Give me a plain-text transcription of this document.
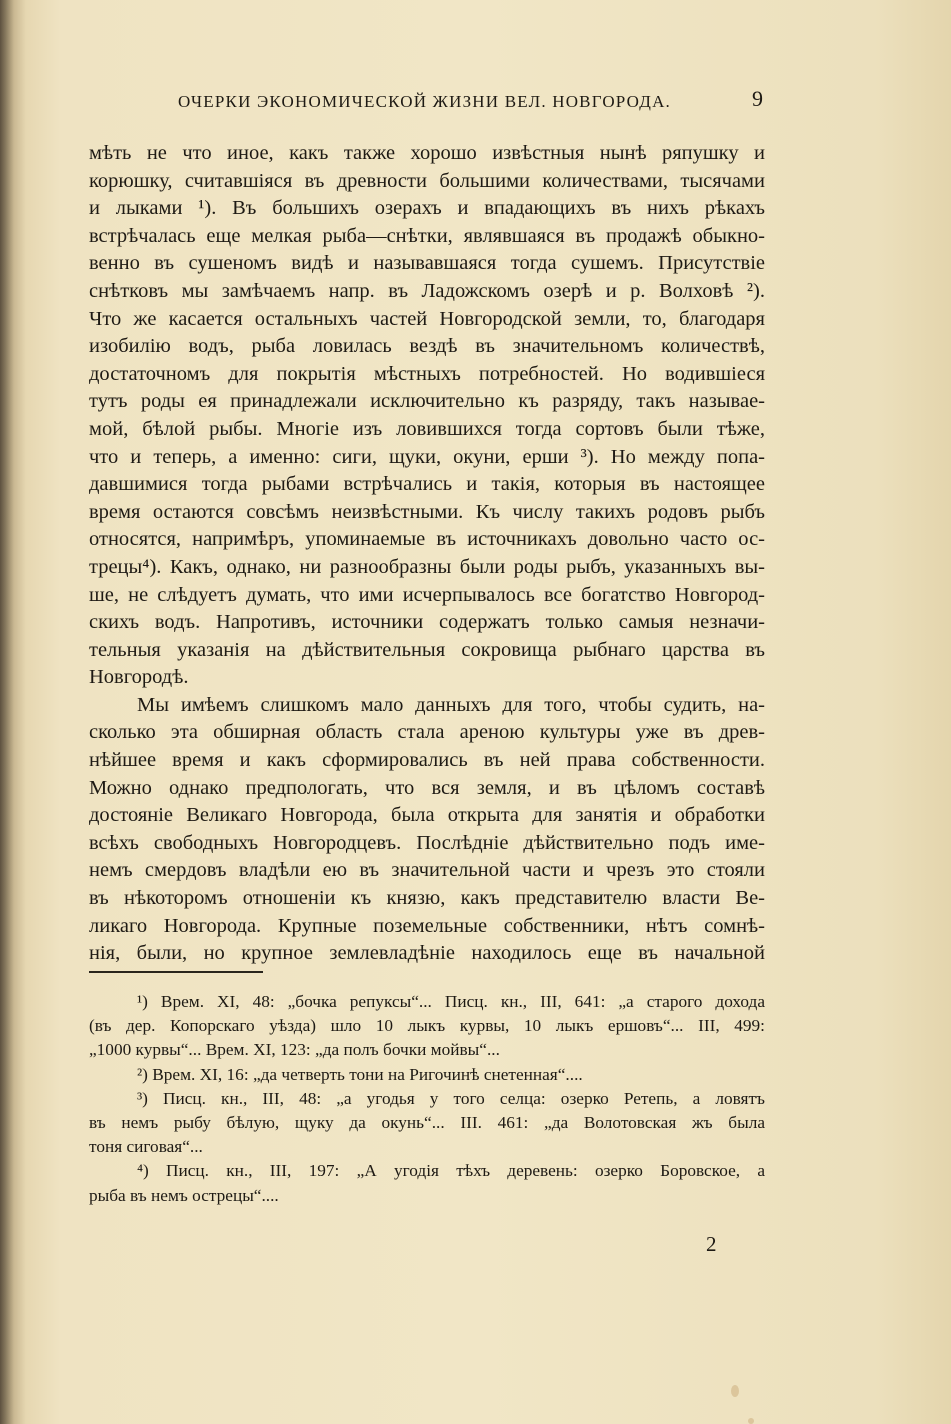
ОЧЕРКИ ЭКОНОМИЧЕСКОЙ ЖИЗНИ ВЕЛ. НОВГОРОДА.	9
мѣть не что иное, какъ также хорошо извѣстныя нынѣ ряпушку и
корюшку, считавшіяся въ древности большими количествами, тысячами
и лыками ¹). Въ большихъ озерахъ и впадающихъ въ нихъ рѣкахъ
встрѣчалась еще мелкая рыба—снѣтки, являвшаяся въ продажѣ обыкно-
венно въ сушеномъ видѣ и называвшаяся тогда сушемъ. Присутствіе
снѣтковъ мы замѣчаемъ напр. въ Ладожскомъ озерѣ и р. Волховѣ ²).
Что же касается остальныхъ частей Новгородской земли, то, благодаря
изобилію водъ, рыба ловилась вездѣ въ значительномъ количествѣ,
достаточномъ для покрытія мѣстныхъ потребностей. Но водившіеся
тутъ роды ея принадлежали исключительно къ разряду, такъ называе-
мой, бѣлой рыбы. Многіе изъ ловившихся тогда сортовъ были тѣже,
что и теперь, а именно: сиги, щуки, окуни, ерши ³). Но между попа-
давшимися тогда рыбами встрѣчались и такія, которыя въ настоящее
время остаются совсѣмъ неизвѣстными. Къ числу такихъ родовъ рыбъ
относятся, напримѣръ, упоминаемые въ источникахъ довольно часто ос-
трецы⁴). Какъ, однако, ни разнообразны были роды рыбъ, указанныхъ вы-
ше, не слѣдуетъ думать, что ими исчерпывалось все богатство Новгород-
скихъ водъ. Напротивъ, источники содержатъ только самыя незначи-
тельныя указанія на дѣйствительныя сокровища рыбнаго царства въ
Новгородѣ.
Мы имѣемъ слишкомъ мало данныхъ для того, чтобы судить, на-
сколько эта обширная область стала ареною культуры уже въ древ-
нѣйшее время и какъ сформировались въ ней права собственности.
Можно однако предпологать, что вся земля, и въ цѣломъ составѣ
достояніе Великаго Новгорода, была открыта для занятія и обработки
всѣхъ свободныхъ Новгородцевъ. Послѣдніе дѣйствительно подъ име-
немъ смердовъ владѣли ею въ значительной части и чрезъ это стояли
въ нѣкоторомъ отношеніи къ князю, какъ представителю власти Ве-
ликаго Новгорода. Крупные поземельные собственники, нѣтъ сомнѣ-
нія, были, но крупное землевладѣніе находилось еще въ начальной
¹) Врем. XI, 48: „бочка репуксы“... Писц. кн., III, 641: „а старого дохода
(въ дер. Копорскаго уѣзда) шло 10 лыкъ курвы, 10 лыкъ ершовъ“... III, 499:
„1000 курвы“... Врем. XI, 123: „да полъ бочки мойвы“...
²) Врем. XI, 16: „да четверть тони на Ригочинѣ снетенная“....
³) Писц. кн., III, 48: „а угодья у того селца: озерко Ретепь, а ловятъ
въ немъ рыбу бѣлую, щуку да окунь“... III. 461: „да Волотовская жъ была
тоня сиговая“...
⁴) Писц. кн., III, 197: „А угодія тѣхъ деревень: озерко Боровское, а
рыба въ немъ острецы“....
2
